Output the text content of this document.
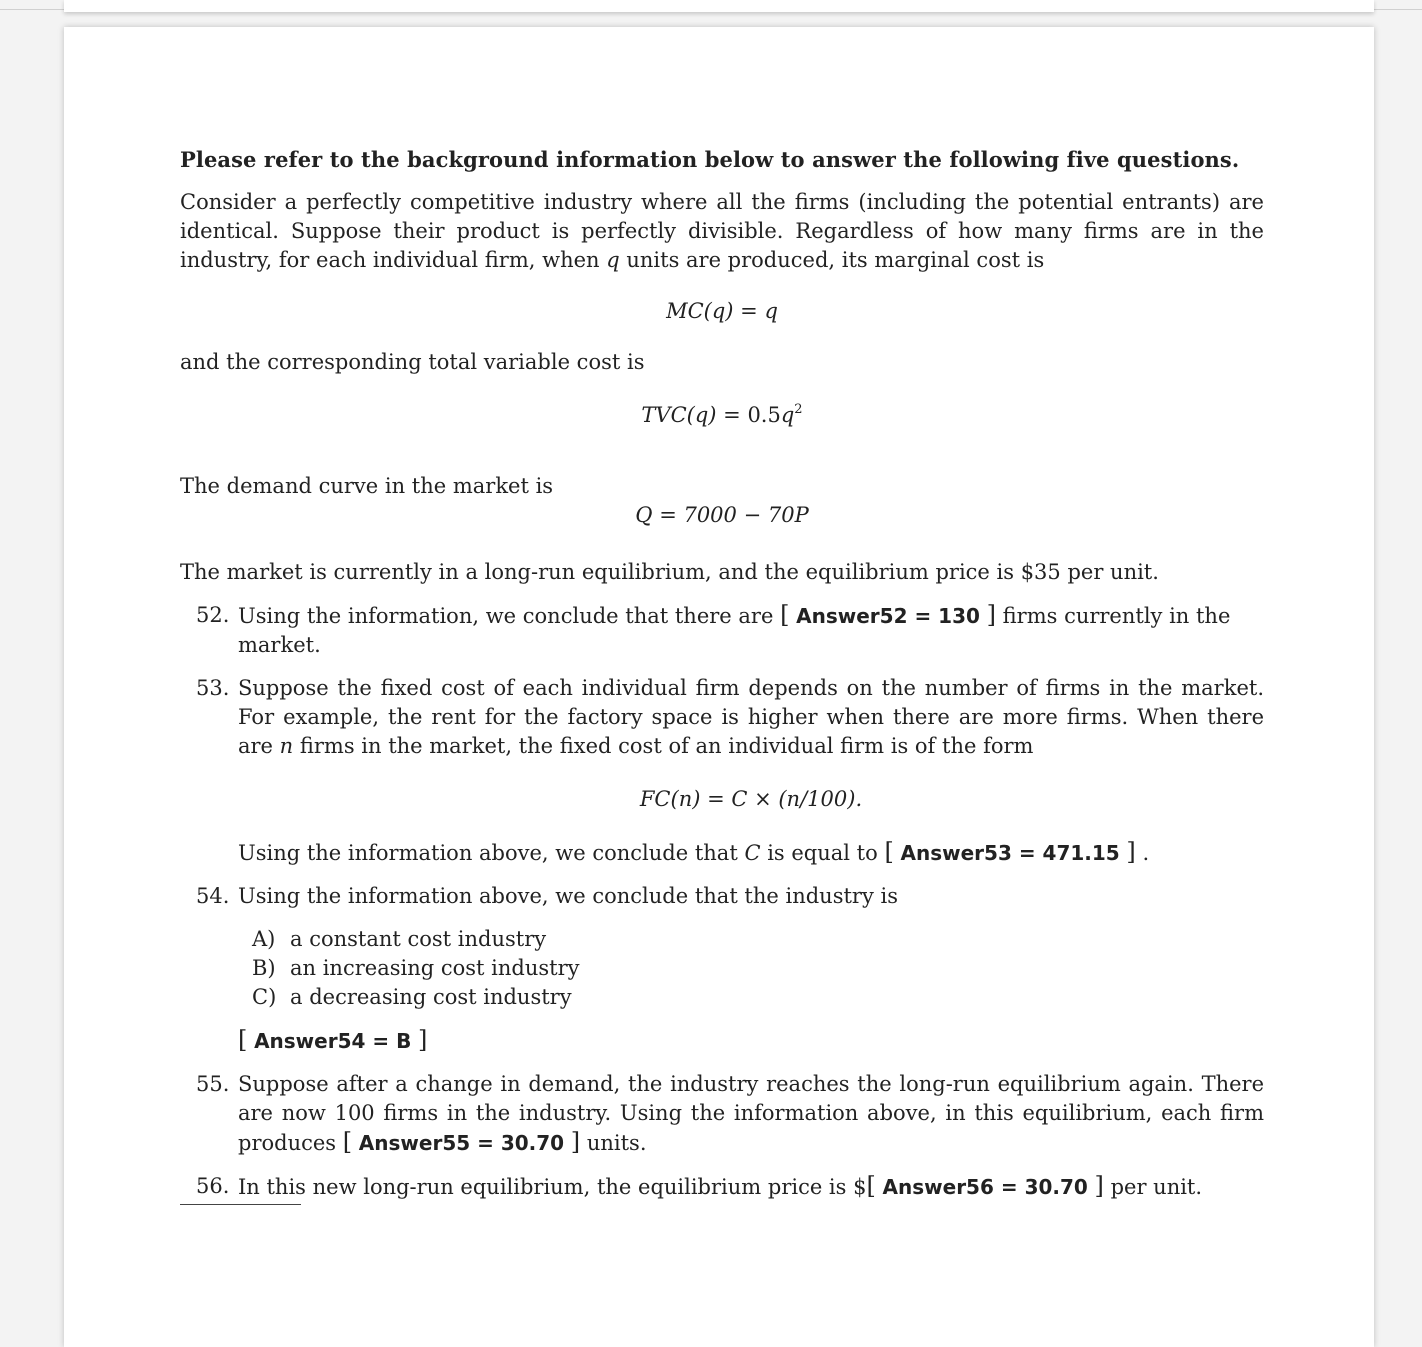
Please refer to the background information below to answer the following five questions.

Consider a perfectly competitive industry where all the firms (including the potential entrants) are identical. Suppose their product is perfectly divisible. Regardless of how many firms are in the industry, for each individual firm, when q units are produced, its marginal cost is

MC(q) = q

and the corresponding total variable cost is

$TVC(q) = 0.5q^2$

The demand curve in the market is

Q = 7000 − 70P

The market is currently in a long-run equilibrium, and the equilibrium price is $35 per unit.

52. Using the information, we conclude that there are [ Answer52 = 130 ] firms currently in the market.
53. Suppose the fixed cost of each individual firm depends on the number of firms in the market. For example, the rent for the factory space is higher when there are more firms. When there are n firms in the market, the fixed cost of an individual firm is of the form

FC(n) = C × (n/100).
Using the information above, we conclude that C is equal to [ Answer53 = 471.15 ] .
54. Using the information above, we conclude that the industry is
A) a constant cost industry
B) an increasing cost industry
C) a decreasing cost industry
[ Answer54 = B ]
55. Suppose after a change in demand, the industry reaches the long-run equilibrium again. There are now 100 firms in the industry. Using the information above, in this equilibrium, each firm produces [ Answer55 = 30.70 ] units.

56. In this new long-run equilibrium, the equilibrium price is $[ Answer56 = 30.70 ] per unit.
